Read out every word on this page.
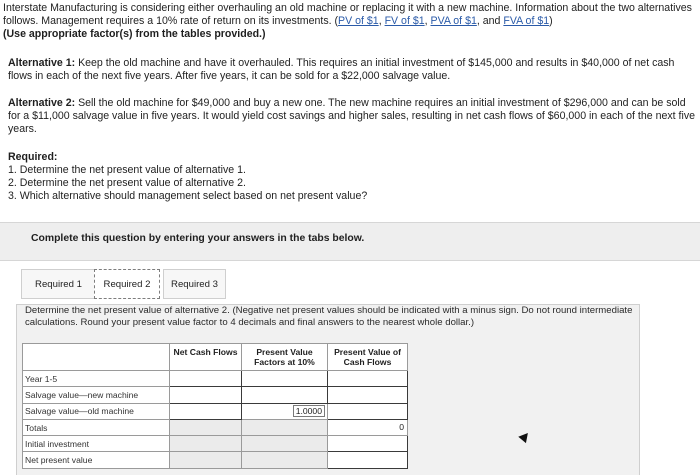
Interstate Manufacturing is considering either overhauling an old machine or replacing it with a new machine. Information about the two alternatives follows. Management requires a 10% rate of return on its investments. (PV of $1, FV of $1, PVA of $1, and FVA of $1)
(Use appropriate factor(s) from the tables provided.)
Alternative 1: Keep the old machine and have it overhauled. This requires an initial investment of $145,000 and results in $40,000 of net cash flows in each of the next five years. After five years, it can be sold for a $22,000 salvage value.
Alternative 2: Sell the old machine for $49,000 and buy a new one. The new machine requires an initial investment of $296,000 and can be sold for a $11,000 salvage value in five years. It would yield cost savings and higher sales, resulting in net cash flows of $60,000 in each of the next five years.
Required:
1. Determine the net present value of alternative 1.
2. Determine the net present value of alternative 2.
3. Which alternative should management select based on net present value?
Complete this question by entering your answers in the tabs below.
Required 1	Required 2	Required 3
Determine the net present value of alternative 2. (Negative net present values should be indicated with a minus sign. Do not round intermediate calculations. Round your present value factor to 4 decimals and final answers to the nearest whole dollar.)
	Net Cash Flows	Present Value Factors at 10%	Present Value of Cash Flows
Year 1-5	

Salvage value—new machine	

Salvage value—old machine		1.0000	

Totals			0

Initial investment			

Net present value			
